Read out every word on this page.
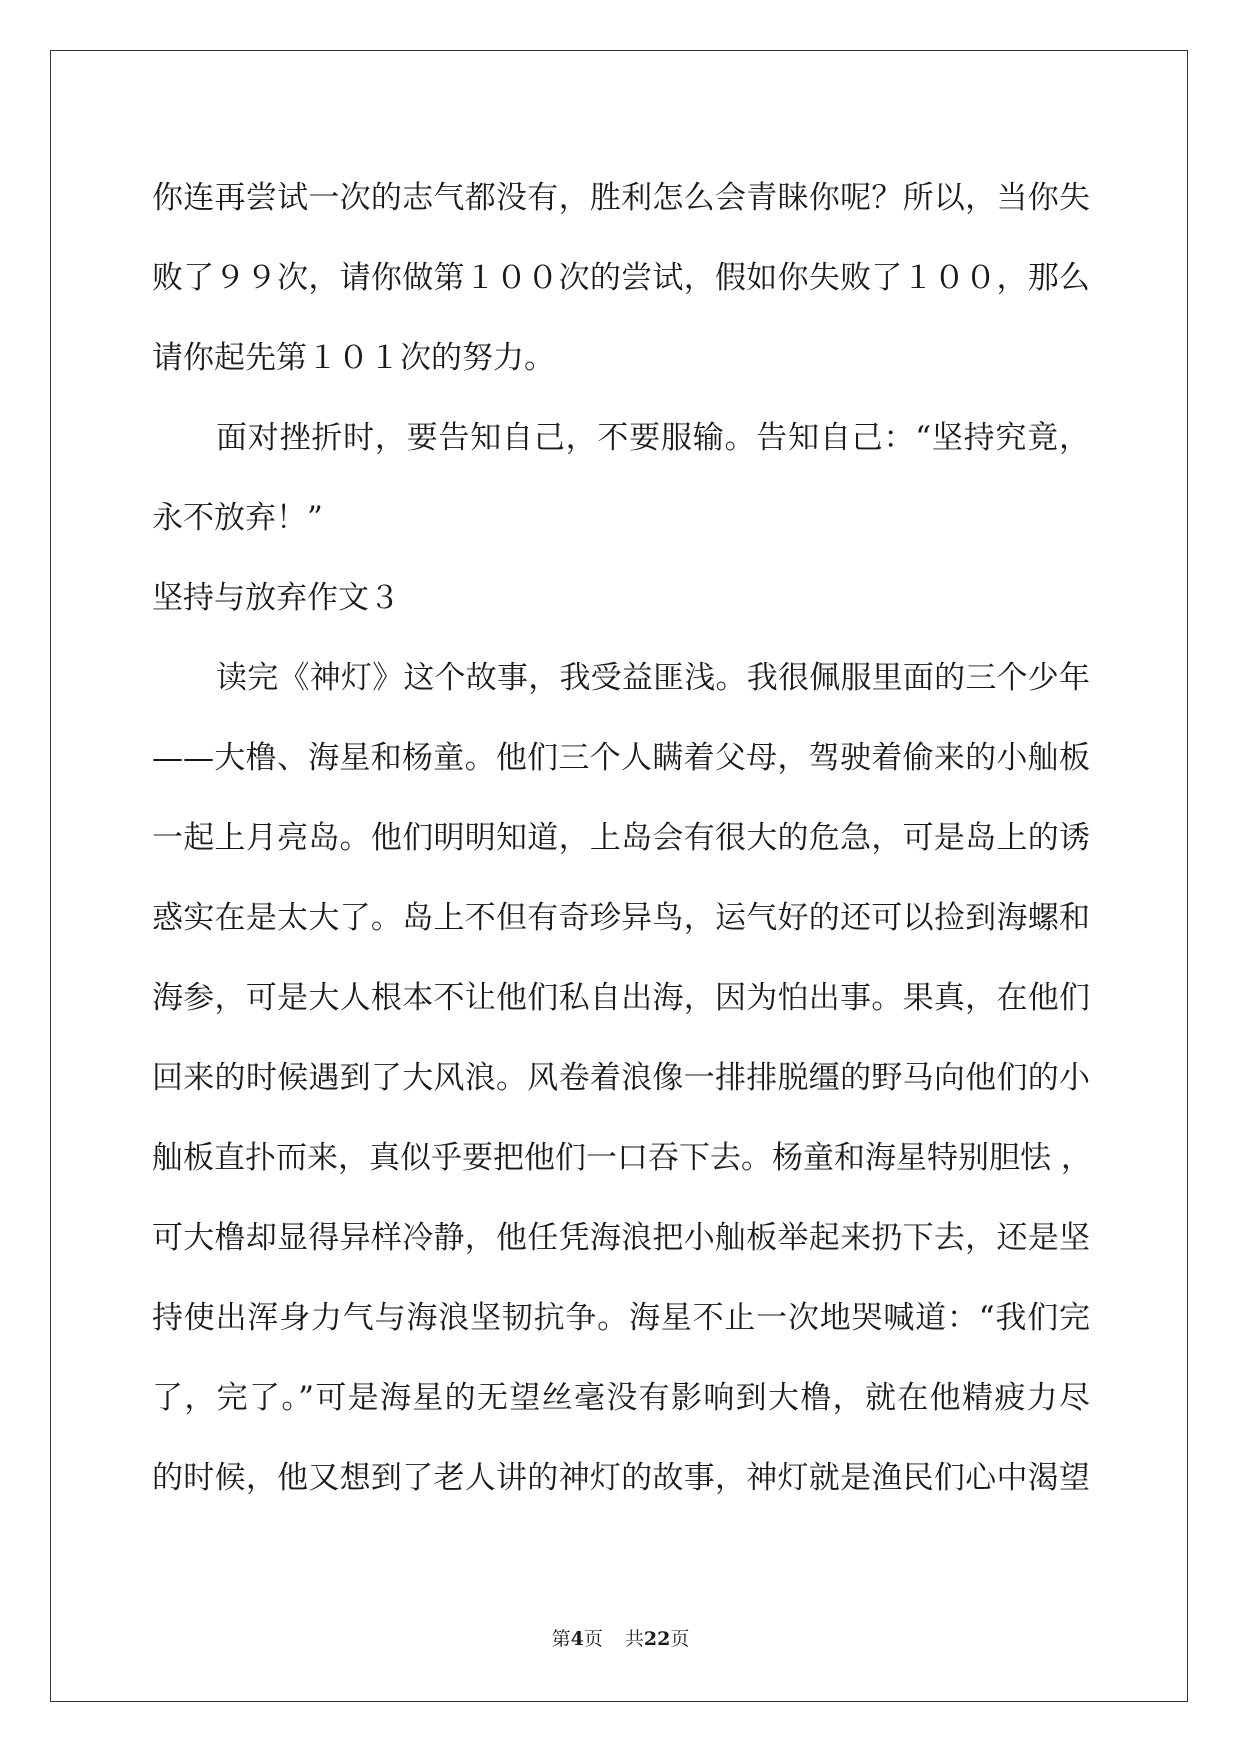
你连再尝试一次的志气都没有，胜利怎么会青睐你呢？所以，当你失
败了９９次，请你做第１００次的尝试，假如你失败了１００，那么
请你起先第１０１次的努力。
面对挫折时，要告知自己，不要服输。告知自己：“坚持究竟，
永不放弃！”
坚持与放弃作文３
读完《神灯》这个故事，我受益匪浅。我很佩服里面的三个少年
——大橹、海星和杨童。他们三个人瞒着父母，驾驶着偷来的小舢板
一起上月亮岛。他们明明知道，上岛会有很大的危急，可是岛上的诱
惑实在是太大了。岛上不但有奇珍异鸟，运气好的还可以捡到海螺和
海参，可是大人根本不让他们私自出海，因为怕出事。果真，在他们
回来的时候遇到了大风浪。风卷着浪像一排排脱缰的野马向他们的小
舢板直扑而来，真似乎要把他们一口吞下去。杨童和海星特别胆怯 ，
可大橹却显得异样冷静，他任凭海浪把小舢板举起来扔下去，还是坚
持使出浑身力气与海浪坚韧抗争。海星不止一次地哭喊道：“我们完
了，完了。”可是海星的无望丝毫没有影响到大橹，就在他精疲力尽
的时候，他又想到了老人讲的神灯的故事，神灯就是渔民们心中渴望
第4页 共22页
